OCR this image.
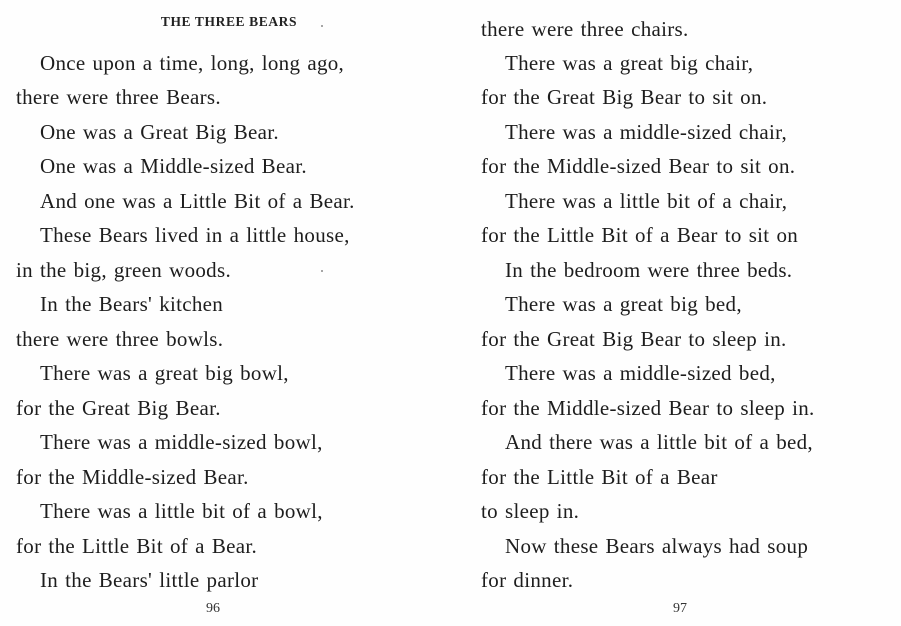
THE THREE BEARS
Once upon a time, long, long ago,
there were three Bears.
One was a Great Big Bear.
One was a Middle-sized Bear.
And one was a Little Bit of a Bear.
These Bears lived in a little house,
in the big, green woods.
In the Bears' kitchen
there were three bowls.
There was a great big bowl,
for the Great Big Bear.
There was a middle-sized bowl,
for the Middle-sized Bear.
There was a little bit of a bowl,
for the Little Bit of a Bear.
In the Bears' little parlor
96
there were three chairs.
There was a great big chair,
for the Great Big Bear to sit on.
There was a middle-sized chair,
for the Middle-sized Bear to sit on.
There was a little bit of a chair,
for the Little Bit of a Bear to sit on
In the bedroom were three beds.
There was a great big bed,
for the Great Big Bear to sleep in.
There was a middle-sized bed,
for the Middle-sized Bear to sleep in.
And there was a little bit of a bed,
for the Little Bit of a Bear
to sleep in.
Now these Bears always had soup
for dinner.
97
